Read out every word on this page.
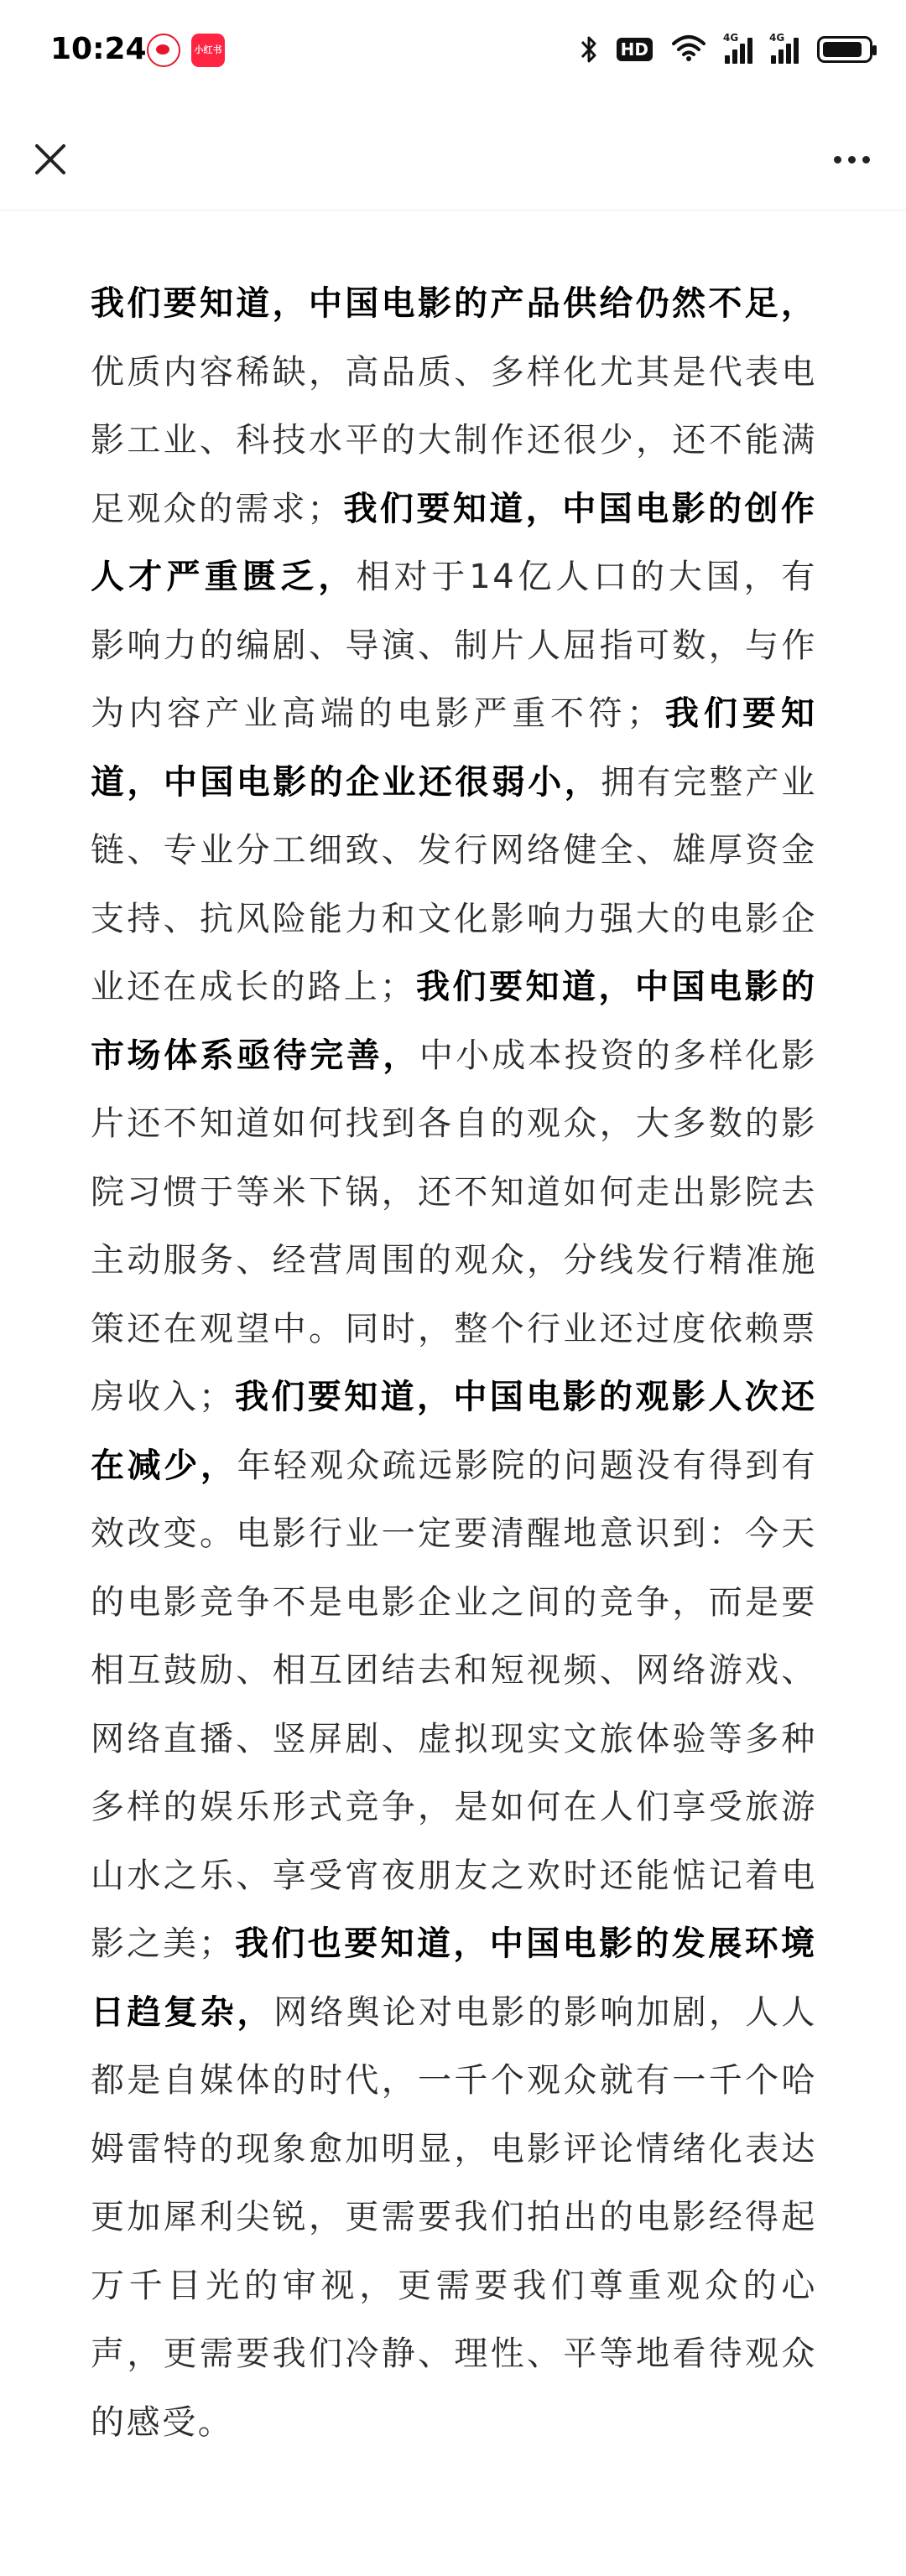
10:24	小红书	HD
4G	4G

我们要知道，中国电影的产品供给仍然不足，优质内容稀缺，高品质、多样化尤其是代表电影工业、科技水平的大制作还很少，还不能满足观众的需求；我们要知道，中国电影的创作人才严重匮乏，相对于14亿人口的大国，有影响力的编剧、导演、制片人屈指可数，与作为内容产业高端的电影严重不符；我们要知道，中国电影的企业还很弱小，拥有完整产业链、专业分工细致、发行网络健全、雄厚资金支持、抗风险能力和文化影响力强大的电影企业还在成长的路上；我们要知道，中国电影的市场体系亟待完善，中小成本投资的多样化影片还不知道如何找到各自的观众，大多数的影院习惯于等米下锅，还不知道如何走出影院去主动服务、经营周围的观众，分线发行精准施策还在观望中。同时，整个行业还过度依赖票房收入；我们要知道，中国电影的观影人次还在减少，年轻观众疏远影院的问题没有得到有效改变。电影行业一定要清醒地意识到：今天的电影竞争不是电影企业之间的竞争，而是要相互鼓励、相互团结去和短视频、网络游戏、网络直播、竖屏剧、虚拟现实文旅体验等多种多样的娱乐形式竞争，是如何在人们享受旅游山水之乐、享受宵夜朋友之欢时还能惦记着电影之美；我们也要知道，中国电影的发展环境日趋复杂，网络舆论对电影的影响加剧，人人都是自媒体的时代，一千个观众就有一千个哈姆雷特的现象愈加明显，电影评论情绪化表达更加犀利尖锐，更需要我们拍出的电影经得起万千目光的审视，更需要我们尊重观众的心声，更需要我们冷静、理性、平等地看待观众的感受。
